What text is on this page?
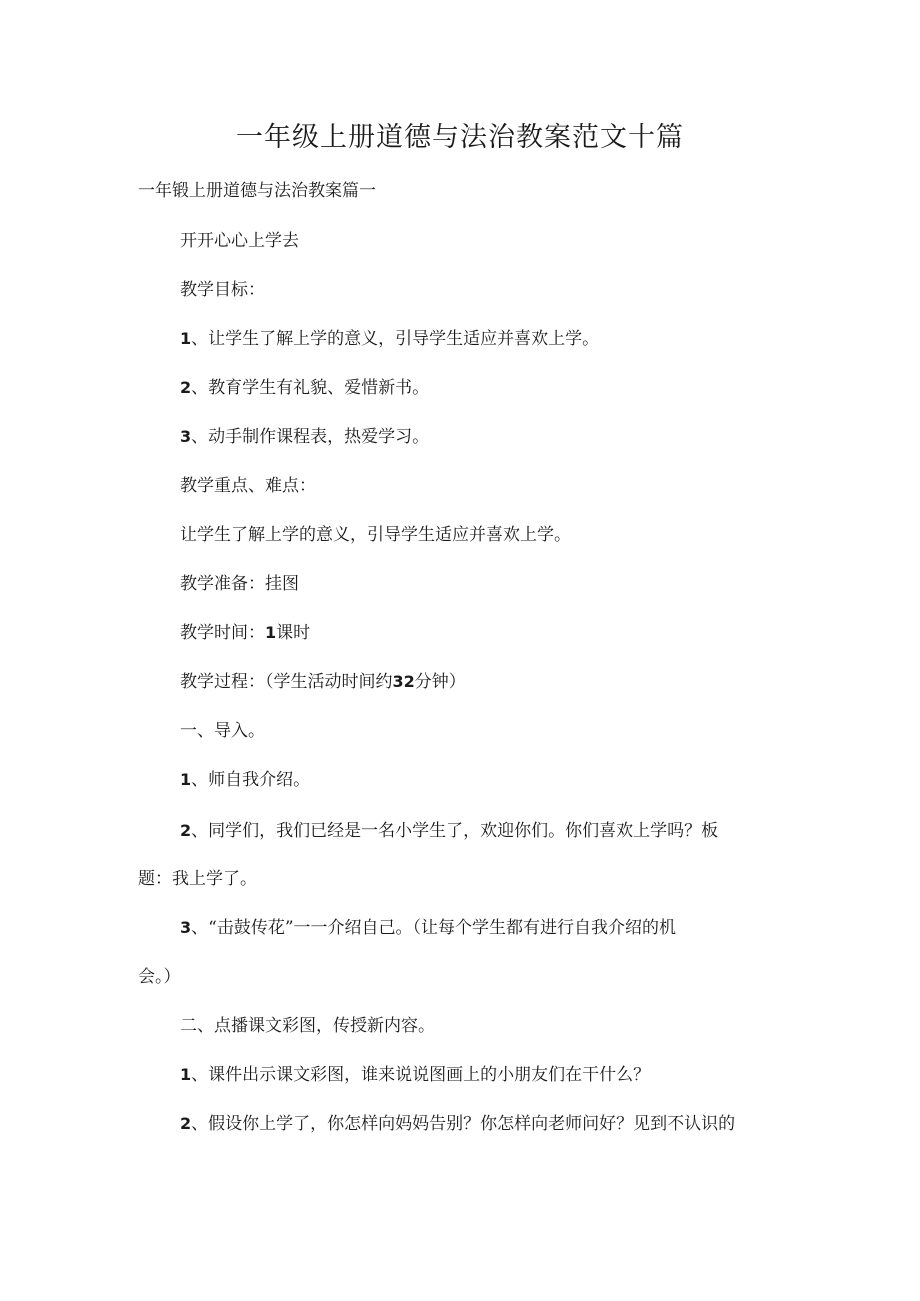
一年级上册道德与法治教案范文十篇
一年锻上册道德与法治教案篇一
开开心心上学去
教学目标：
1、让学生了解上学的意义，引导学生适应并喜欢上学。
2、教育学生有礼貌、爱惜新书。
3、动手制作课程表，热爱学习。
教学重点、难点：
让学生了解上学的意义，引导学生适应并喜欢上学。
教学准备：挂图
教学时间：1课时
教学过程：（学生活动时间约32分钟）
一、导入。
1、师自我介绍。
2、同学们，我们已经是一名小学生了，欢迎你们。你们喜欢上学吗？板
题：我上学了。
3、“击鼓传花”一一介绍自己。（让每个学生都有进行自我介绍的机
会。）
二、点播课文彩图，传授新内容。
1、课件出示课文彩图，谁来说说图画上的小朋友们在干什么？
2、假设你上学了，你怎样向妈妈告别？你怎样向老师问好？见到不认识的
